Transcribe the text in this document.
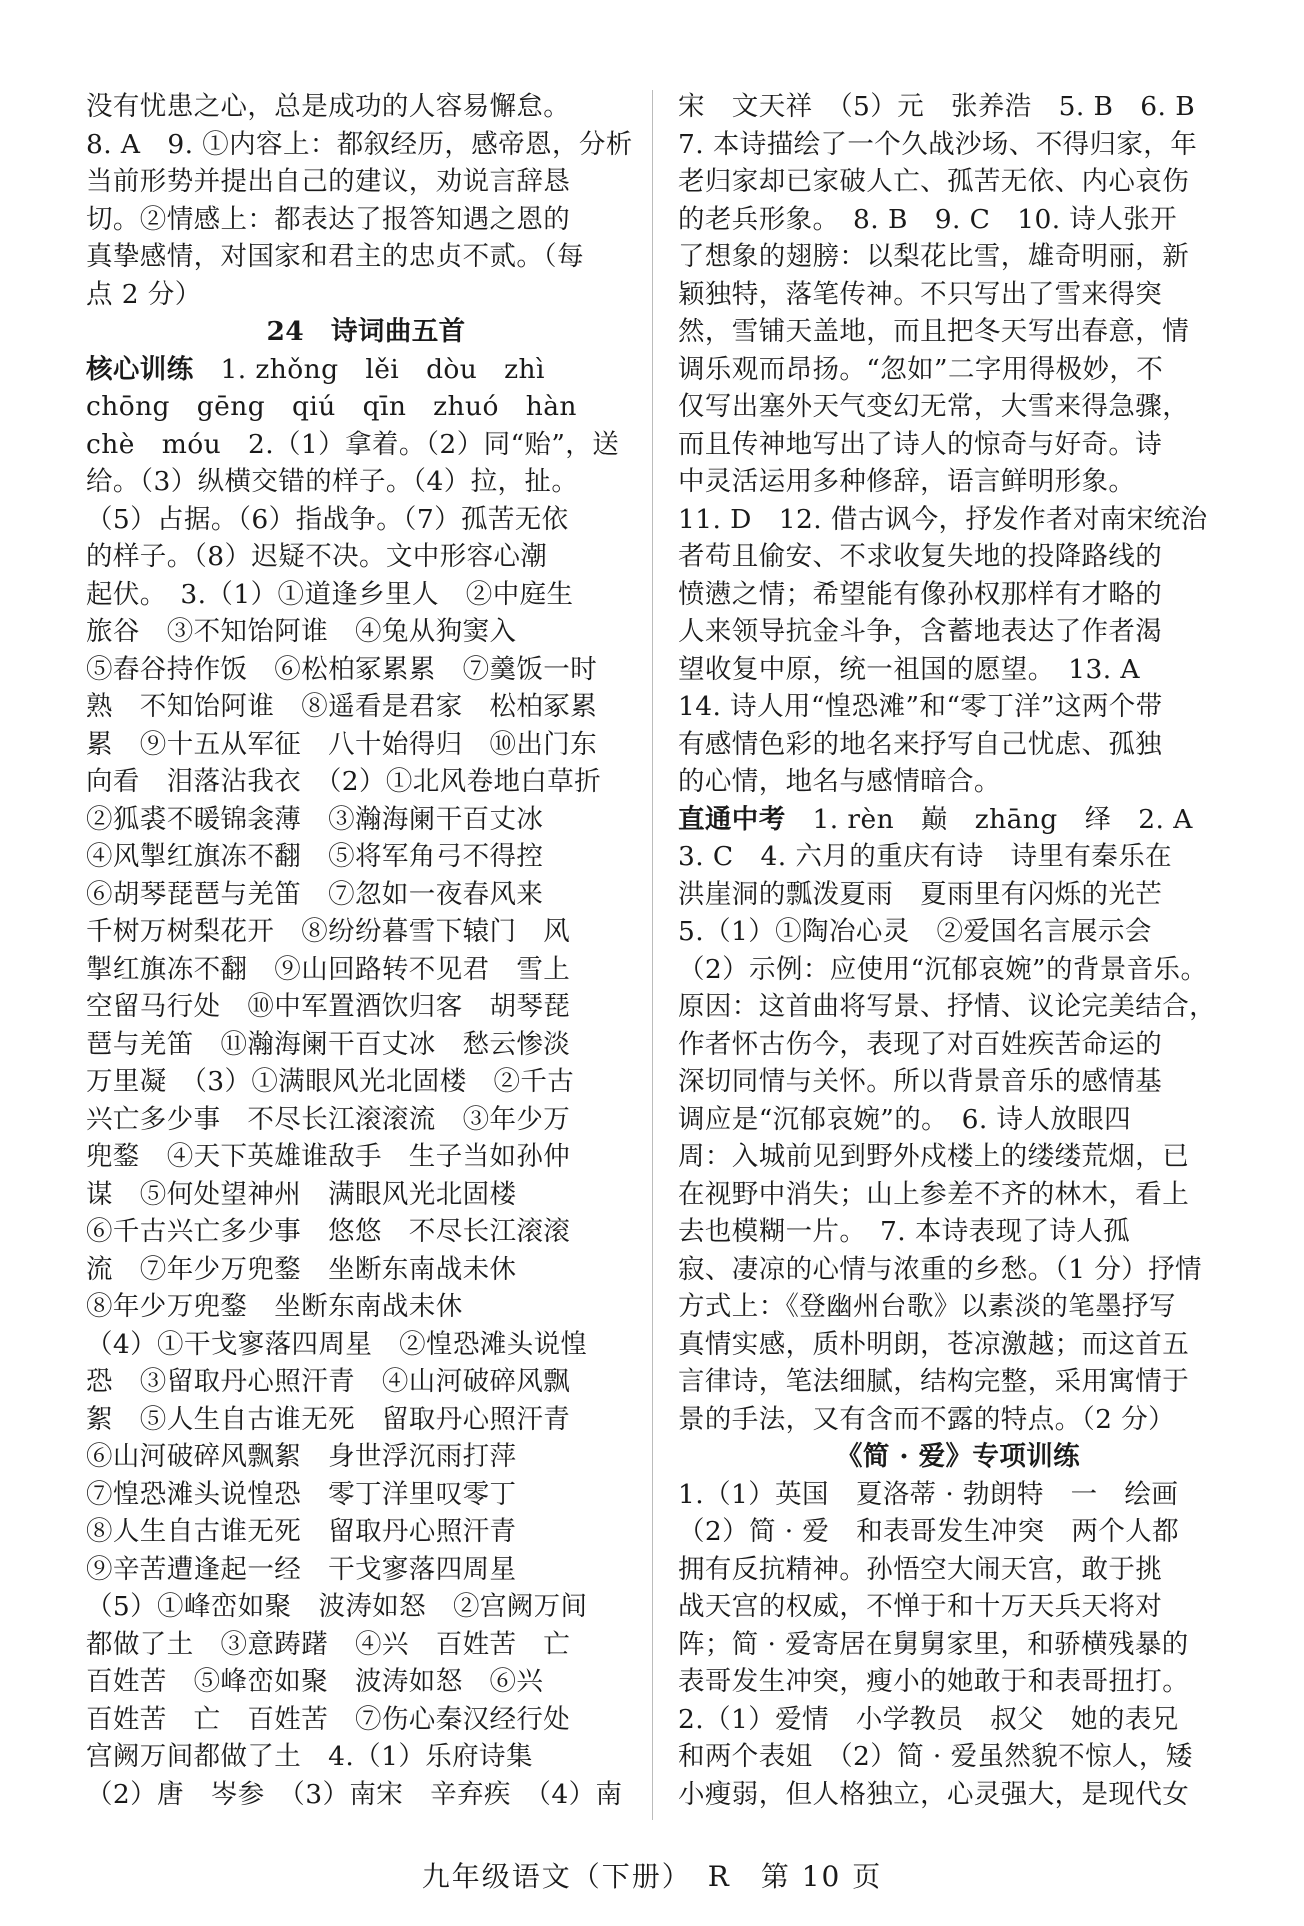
没有忧患之心，总是成功的人容易懈怠。
8. A　9. ①内容上：都叙经历，感帝恩，分析
当前形势并提出自己的建议，劝说言辞恳
切。②情感上：都表达了报答知遇之恩的
真挚感情，对国家和君主的忠贞不贰。（每
点 2 分）
24　诗词曲五首
核心训练　1. zhǒng　lěi　dòu　zhì
chōng　gēng　qiú　qīn　zhuó　hàn
chè　móu　2.（1）拿着。（2）同“贻”，送
给。（3）纵横交错的样子。（4）拉，扯。
（5）占据。（6）指战争。（7）孤苦无依
的样子。（8）迟疑不决。文中形容心潮
起伏。　3.（1）①道逢乡里人　②中庭生
旅谷　③不知饴阿谁　④兔从狗窦入
⑤舂谷持作饭　⑥松柏冢累累　⑦羹饭一时
熟　不知饴阿谁　⑧遥看是君家　松柏冢累
累　⑨十五从军征　八十始得归　⑩出门东
向看　泪落沾我衣　（2）①北风卷地白草折
②狐裘不暖锦衾薄　③瀚海阑干百丈冰
④风掣红旗冻不翻　⑤将军角弓不得控
⑥胡琴琵琶与羌笛　⑦忽如一夜春风来
千树万树梨花开　⑧纷纷暮雪下辕门　风
掣红旗冻不翻　⑨山回路转不见君　雪上
空留马行处　⑩中军置酒饮归客　胡琴琵
琶与羌笛　⑪瀚海阑干百丈冰　愁云惨淡
万里凝　（3）①满眼风光北固楼　②千古
兴亡多少事　不尽长江滚滚流　③年少万
兜鍪　④天下英雄谁敌手　生子当如孙仲
谋　⑤何处望神州　满眼风光北固楼
⑥千古兴亡多少事　悠悠　不尽长江滚滚
流　⑦年少万兜鍪　坐断东南战未休
⑧年少万兜鍪　坐断东南战未休
（4）①干戈寥落四周星　②惶恐滩头说惶
恐　③留取丹心照汗青　④山河破碎风飘
絮　⑤人生自古谁无死　留取丹心照汗青
⑥山河破碎风飘絮　身世浮沉雨打萍
⑦惶恐滩头说惶恐　零丁洋里叹零丁
⑧人生自古谁无死　留取丹心照汗青
⑨辛苦遭逢起一经　干戈寥落四周星
（5）①峰峦如聚　波涛如怒　②宫阙万间
都做了土　③意踌躇　④兴　百姓苦　亡
百姓苦　⑤峰峦如聚　波涛如怒　⑥兴
百姓苦　亡　百姓苦　⑦伤心秦汉经行处
宫阙万间都做了土　4.（1）乐府诗集
（2）唐　岑参　（3）南宋　辛弃疾　（4）南
宋　文天祥　（5）元　张养浩　5. B　6. B
7. 本诗描绘了一个久战沙场、不得归家，年
老归家却已家破人亡、孤苦无依、内心哀伤
的老兵形象。　8. B　9. C　10. 诗人张开
了想象的翅膀：以梨花比雪，雄奇明丽，新
颖独特，落笔传神。不只写出了雪来得突
然，雪铺天盖地，而且把冬天写出春意，情
调乐观而昂扬。“忽如”二字用得极妙，不
仅写出塞外天气变幻无常，大雪来得急骤，
而且传神地写出了诗人的惊奇与好奇。诗
中灵活运用多种修辞，语言鲜明形象。
11. D　12. 借古讽今，抒发作者对南宋统治
者苟且偷安、不求收复失地的投降路线的
愤懑之情；希望能有像孙权那样有才略的
人来领导抗金斗争，含蓄地表达了作者渴
望收复中原，统一祖国的愿望。　13. A
14. 诗人用“惶恐滩”和“零丁洋”这两个带
有感情色彩的地名来抒写自己忧虑、孤独
的心情，地名与感情暗合。
直通中考　1. rèn　巅　zhāng　绎　2. A
3. C　4. 六月的重庆有诗　诗里有秦乐在
洪崖洞的瓢泼夏雨　夏雨里有闪烁的光芒
5.（1）①陶冶心灵　②爱国名言展示会
（2）示例：应使用“沉郁哀婉”的背景音乐。
原因：这首曲将写景、抒情、议论完美结合，
作者怀古伤今，表现了对百姓疾苦命运的
深切同情与关怀。所以背景音乐的感情基
调应是“沉郁哀婉”的。　6. 诗人放眼四
周：入城前见到野外戍楼上的缕缕荒烟，已
在视野中消失；山上参差不齐的林木，看上
去也模糊一片。　7. 本诗表现了诗人孤
寂、凄凉的心情与浓重的乡愁。（1 分）抒情
方式上：《登幽州台歌》以素淡的笔墨抒写
真情实感，质朴明朗，苍凉激越；而这首五
言律诗，笔法细腻，结构完整，采用寓情于
景的手法，又有含而不露的特点。（2 分）
《简 · 爱》专项训练
1.（1）英国　夏洛蒂 · 勃朗特　一　绘画
（2）简 · 爱　和表哥发生冲突　两个人都
拥有反抗精神。孙悟空大闹天宫，敢于挑
战天宫的权威，不惮于和十万天兵天将对
阵；简 · 爱寄居在舅舅家里，和骄横残暴的
表哥发生冲突，瘦小的她敢于和表哥扭打。
2.（1）爱情　小学教员　叔父　她的表兄
和两个表姐　（2）简 · 爱虽然貌不惊人，矮
小瘦弱，但人格独立，心灵强大，是现代女
九年级语文（下册）　R　第 10 页
